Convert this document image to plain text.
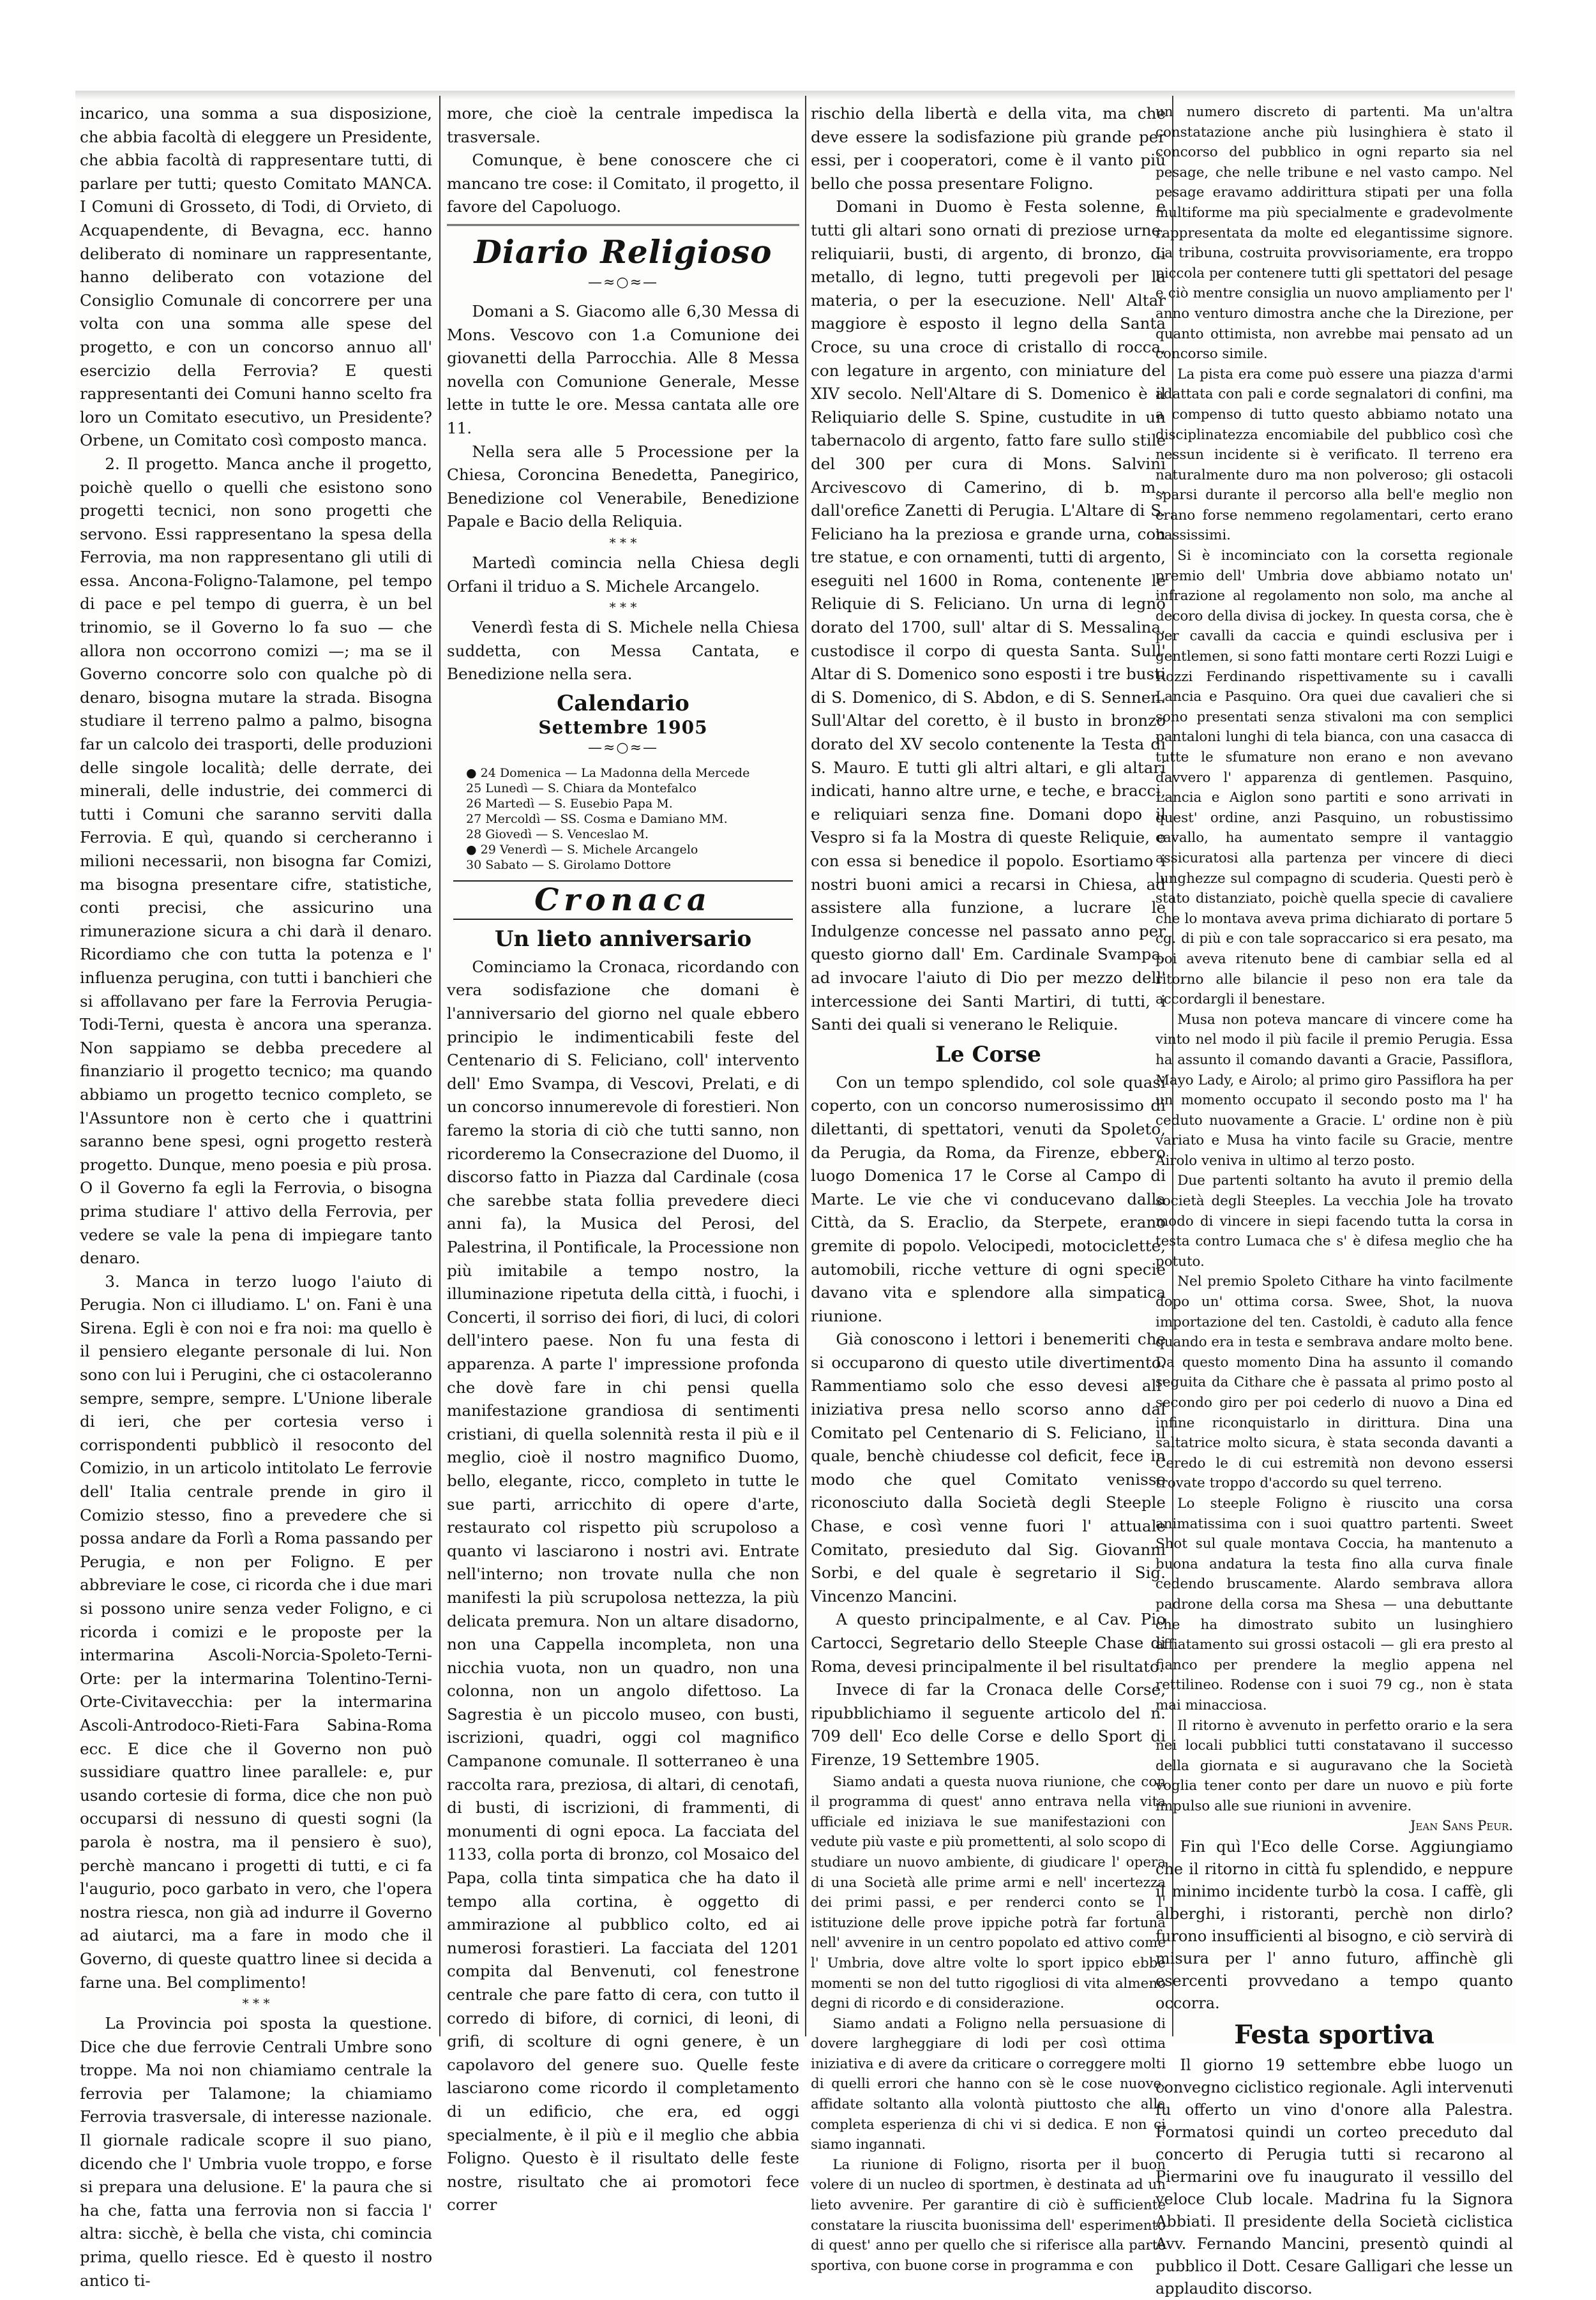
incarico, una somma a sua disposizione, che abbia facoltà di eleggere un Presidente, che abbia facoltà di rappresentare tutti, di parlare per tutti; questo Comitato MANCA. I Comuni di Grosseto, di Todi, di Orvieto, di Acquapendente, di Bevagna, ecc. hanno deliberato di nominare un rappresentante, hanno deliberato con votazione del Consiglio Comunale di concorrere per una volta con una somma alle spese del progetto, e con un concorso annuo all' esercizio della Ferrovia? E questi rappresentanti dei Comuni hanno scelto fra loro un Comitato esecutivo, un Presidente? Orbene, un Comitato così composto manca.

2. Il progetto. Manca anche il progetto, poichè quello o quelli che esistono sono progetti tecnici, non sono progetti che servono. Essi rappresentano la spesa della Ferrovia, ma non rappresentano gli utili di essa. Ancona-Foligno-Talamone, pel tempo di pace e pel tempo di guerra, è un bel trinomio, se il Governo lo fa suo — che allora non occorrono comizi —; ma se il Governo concorre solo con qualche pò di denaro, bisogna mutare la strada. Bisogna studiare il terreno palmo a palmo, bisogna far un calcolo dei trasporti, delle produzioni delle singole località; delle derrate, dei minerali, delle industrie, dei commerci di tutti i Comuni che saranno serviti dalla Ferrovia. E quì, quando si cercheranno i milioni necessarii, non bisogna far Comizi, ma bisogna presentare cifre, statistiche, conti precisi, che assicurino una rimunerazione sicura a chi darà il denaro. Ricordiamo che con tutta la potenza e l' influenza perugina, con tutti i banchieri che si affollavano per fare la Ferrovia Perugia-Todi-Terni, questa è ancora una speranza. Non sappiamo se debba precedere al finanziario il progetto tecnico; ma quando abbiamo un progetto tecnico completo, se l'Assuntore non è certo che i quattrini saranno bene spesi, ogni progetto resterà progetto. Dunque, meno poesia e più prosa. O il Governo fa egli la Ferrovia, o bisogna prima studiare l' attivo della Ferrovia, per vedere se vale la pena di impiegare tanto denaro.

3. Manca in terzo luogo l'aiuto di Perugia. Non ci illudiamo. L' on. Fani è una Sirena. Egli è con noi e fra noi: ma quello è il pensiero elegante personale di lui. Non sono con lui i Perugini, che ci ostacoleranno sempre, sempre, sempre. L'Unione liberale di ieri, che per cortesia verso i corrispondenti pubblicò il resoconto del Comizio, in un articolo intitolato Le ferrovie dell' Italia centrale prende in giro il Comizio stesso, fino a prevedere che si possa andare da Forlì a Roma passando per Perugia, e non per Foligno. E per abbreviare le cose, ci ricorda che i due mari si possono unire senza veder Foligno, e ci ricorda i comizi e le proposte per la intermarina Ascoli-Norcia-Spoleto-Terni-Orte: per la intermarina Tolentino-Terni-Orte-Civitavecchia: per la intermarina Ascoli-Antrodoco-Rieti-Fara Sabina-Roma ecc. E dice che il Governo non può sussidiare quattro linee parallele: e, pur usando cortesie di forma, dice che non può occuparsi di nessuno di questi sogni (la parola è nostra, ma il pensiero è suo), perchè mancano i progetti di tutti, e ci fa l'augurio, poco garbato in vero, che l'opera nostra riesca, non già ad indurre il Governo ad aiutarci, ma a fare in modo che il Governo, di queste quattro linee si decida a farne una. Bel complimento!

* * *

La Provincia poi sposta la questione. Dice che due ferrovie Centrali Umbre sono troppe. Ma noi non chiamiamo centrale la ferrovia per Talamone; la chiamiamo Ferrovia trasversale, di interesse nazionale. Il giornale radicale scopre il suo piano, dicendo che l' Umbria vuole troppo, e forse si prepara una delusione. E' la paura che si ha che, fatta una ferrovia non si faccia l' altra: sicchè, è bella che vista, chi comincia prima, quello riesce. Ed è questo il nostro antico ti-

more, che cioè la centrale impedisca la trasversale.

Comunque, è bene conoscere che ci mancano tre cose: il Comitato, il progetto, il favore del Capoluogo.

Diario Religioso
—≈○≈—

Domani a S. Giacomo alle 6,30 Messa di Mons. Vescovo con 1.a Comunione dei giovanetti della Parrocchia. Alle 8 Messa novella con Comunione Generale, Messe lette in tutte le ore. Messa cantata alle ore 11.

Nella sera alle 5 Processione per la Chiesa, Coroncina Benedetta, Panegirico, Benedizione col Venerabile, Benedizione Papale e Bacio della Reliquia.

* * *

Martedì comincia nella Chiesa degli Orfani il triduo a S. Michele Arcangelo.

* * *

Venerdì festa di S. Michele nella Chiesa suddetta, con Messa Cantata, e Benedizione nella sera.

Calendario
Settembre 1905
—≈○≈—
● 24 Domenica — La Madonna della Mercede
25 Lunedì — S. Chiara da Montefalco
26 Martedì — S. Eusebio Papa M.
27 Mercoldì — SS. Cosma e Damiano MM.
28 Giovedì — S. Venceslao M.
● 29 Venerdì — S. Michele Arcangelo
30 Sabato — S. Girolamo Dottore
Cronaca
Un lieto anniversario

Cominciamo la Cronaca, ricordando con vera sodisfazione che domani è l'anniversario del giorno nel quale ebbero principio le indimenticabili feste del Centenario di S. Feliciano, coll' intervento dell' Emo Svampa, di Vescovi, Prelati, e di un concorso innumerevole di forestieri. Non faremo la storia di ciò che tutti sanno, non ricorderemo la Consecrazione del Duomo, il discorso fatto in Piazza dal Cardinale (cosa che sarebbe stata follia prevedere dieci anni fa), la Musica del Perosi, del Palestrina, il Pontificale, la Processione non più imitabile a tempo nostro, la illuminazione ripetuta della città, i fuochi, i Concerti, il sorriso dei fiori, di luci, di colori dell'intero paese. Non fu una festa di apparenza. A parte l' impressione profonda che dovè fare in chi pensi quella manifestazione grandiosa di sentimenti cristiani, di quella solennità resta il più e il meglio, cioè il nostro magnifico Duomo, bello, elegante, ricco, completo in tutte le sue parti, arricchito di opere d'arte, restaurato col rispetto più scrupoloso a quanto vi lasciarono i nostri avi. Entrate nell'interno; non trovate nulla che non manifesti la più scrupolosa nettezza, la più delicata premura. Non un altare disadorno, non una Cappella incompleta, non una nicchia vuota, non un quadro, non una colonna, non un angolo difettoso. La Sagrestia è un piccolo museo, con busti, iscrizioni, quadri, oggi col magnifico Campanone comunale. Il sotterraneo è una raccolta rara, preziosa, di altari, di cenotafi, di busti, di iscrizioni, di frammenti, di monumenti di ogni epoca. La facciata del 1133, colla porta di bronzo, col Mosaico del Papa, colla tinta simpatica che ha dato il tempo alla cortina, è oggetto di ammirazione al pubblico colto, ed ai numerosi forastieri. La facciata del 1201 compita dal Benvenuti, col fenestrone centrale che pare fatto di cera, con tutto il corredo di bifore, di cornici, di leoni, di grifi, di scolture di ogni genere, è un capolavoro del genere suo. Quelle feste lasciarono come ricordo il completamento di un edificio, che era, ed oggi specialmente, è il più e il meglio che abbia Foligno. Questo è il risultato delle feste nostre, risultato che ai promotori fece correr

rischio della libertà e della vita, ma che deve essere la sodisfazione più grande per essi, per i cooperatori, come è il vanto più bello che possa presentare Foligno.

Domani in Duomo è Festa solenne, e tutti gli altari sono ornati di preziose urne, reliquiarii, busti, di argento, di bronzo, di metallo, di legno, tutti pregevoli per la materia, o per la esecuzione. Nell' Altar maggiore è esposto il legno della Santa Croce, su una croce di cristallo di rocca, con legature in argento, con miniature del XIV secolo. Nell'Altare di S. Domenico è il Reliquiario delle S. Spine, custudite in un tabernacolo di argento, fatto fare sullo stile del 300 per cura di Mons. Salvini Arcivescovo di Camerino, di b. m., dall'orefice Zanetti di Perugia. L'Altare di S. Feliciano ha la preziosa e grande urna, con tre statue, e con ornamenti, tutti di argento, eseguiti nel 1600 in Roma, contenente le Reliquie di S. Feliciano. Un urna di legno dorato del 1700, sull' altar di S. Messalina, custodisce il corpo di questa Santa. Sull' Altar di S. Domenico sono esposti i tre busti di S. Domenico, di S. Abdon, e di S. Sennen. Sull'Altar del coretto, è il busto in bronzo dorato del XV secolo contenente la Testa di S. Mauro. E tutti gli altri altari, e gli altari indicati, hanno altre urne, e teche, e bracci, e reliquiari senza fine. Domani dopo il Vespro si fa la Mostra di queste Reliquie, e con essa si benedice il popolo. Esortiamo i nostri buoni amici a recarsi in Chiesa, ad assistere alla funzione, a lucrare le Indulgenze concesse nel passato anno per questo giorno dall' Em. Cardinale Svampa, ad invocare l'aiuto di Dio per mezzo dell' intercessione dei Santi Martiri, di tutti, i Santi dei quali si venerano le Reliquie.

Le Corse

Con un tempo splendido, col sole quasi coperto, con un concorso numerosissimo di dilettanti, di spettatori, venuti da Spoleto, da Perugia, da Roma, da Firenze, ebbero luogo Domenica 17 le Corse al Campo di Marte. Le vie che vi conducevano dalla Città, da S. Eraclio, da Sterpete, erano gremite di popolo. Velocipedi, motociclette, automobili, ricche vetture di ogni specie davano vita e splendore alla simpatica riunione.

Già conoscono i lettori i benemeriti che si occuparono di questo utile divertimento. Rammentiamo solo che esso devesi all' iniziativa presa nello scorso anno dal Comitato pel Centenario di S. Feliciano, il quale, benchè chiudesse col deficit, fece in modo che quel Comitato venisse riconosciuto dalla Società degli Steeple Chase, e così venne fuori l' attuale Comitato, presieduto dal Sig. Giovanni Sorbi, e del quale è segretario il Sig. Vincenzo Mancini.

A questo principalmente, e al Cav. Pio Cartocci, Segretario dello Steeple Chase di Roma, devesi principalmente il bel risultato.

Invece di far la Cronaca delle Corse, ripubblichiamo il seguente articolo del n. 709 dell' Eco delle Corse e dello Sport di Firenze, 19 Settembre 1905.

Siamo andati a questa nuova riunione, che con il programma di quest' anno entrava nella vita ufficiale ed iniziava le sue manifestazioni con vedute più vaste e più promettenti, al solo scopo di studiare un nuovo ambiente, di giudicare l' opera di una Società alle prime armi e nell' incertezza dei primi passi, e per renderci conto se l' istituzione delle prove ippiche potrà far fortuna nell' avvenire in un centro popolato ed attivo come l' Umbria, dove altre volte lo sport ippico ebbe momenti se non del tutto rigogliosi di vita almeno degni di ricordo e di considerazione.

Siamo andati a Foligno nella persuasione di dovere largheggiare di lodi per così ottima iniziativa e di avere da criticare o correggere molti di quelli errori che hanno con sè le cose nuove, affidate soltanto alla volontà piuttosto che alla completa esperienza di chi vi si dedica. E non ci siamo ingannati.

La riunione di Foligno, risorta per il buon volere di un nucleo di sportmen, è destinata ad un lieto avvenire. Per garantire di ciò è sufficiente constatare la riuscita buonissima dell' esperimento di quest' anno per quello che si riferisce alla parte sportiva, con buone corse in programma e con

un numero discreto di partenti. Ma un'altra constatazione anche più lusinghiera è stato il concorso del pubblico in ogni reparto sia nel pesage, che nelle tribune e nel vasto campo. Nel pesage eravamo addirittura stipati per una folla multiforme ma più specialmente e gradevolmente rappresentata da molte ed elegantissime signore. La tribuna, costruita provvisoriamente, era troppo piccola per contenere tutti gli spettatori del pesage e ciò mentre consiglia un nuovo ampliamento per l' anno venturo dimostra anche che la Direzione, per quanto ottimista, non avrebbe mai pensato ad un concorso simile.

La pista era come può essere una piazza d'armi adattata con pali e corde segnalatori di confini, ma a compenso di tutto questo abbiamo notato una disciplinatezza encomiabile del pubblico così che nessun incidente si è verificato. Il terreno era naturalmente duro ma non polveroso; gli ostacoli sparsi durante il percorso alla bell'e meglio non erano forse nemmeno regolamentari, certo erano bassissimi.

Si è incominciato con la corsetta regionale premio dell' Umbria dove abbiamo notato un' infrazione al regolamento non solo, ma anche al decoro della divisa di jockey. In questa corsa, che è per cavalli da caccia e quindi esclusiva per i gentlemen, si sono fatti montare certi Rozzi Luigi e Rozzi Ferdinando rispettivamente su i cavalli Lancia e Pasquino. Ora quei due cavalieri che si sono presentati senza stivaloni ma con semplici pantaloni lunghi di tela bianca, con una casacca di tutte le sfumature non erano e non avevano davvero l' apparenza di gentlemen. Pasquino, Lancia e Aiglon sono partiti e sono arrivati in quest' ordine, anzi Pasquino, un robustissimo cavallo, ha aumentato sempre il vantaggio assicuratosi alla partenza per vincere di dieci lunghezze sul compagno di scuderia. Questi però è stato distanziato, poichè quella specie di cavaliere che lo montava aveva prima dichiarato di portare 5 cg. di più e con tale sopraccarico si era pesato, ma poi aveva ritenuto bene di cambiar sella ed al ritorno alle bilancie il peso non era tale da accordargli il benestare.

Musa non poteva mancare di vincere come ha vinto nel modo il più facile il premio Perugia. Essa ha assunto il comando davanti a Gracie, Passiflora, Mayo Lady, e Airolo; al primo giro Passiflora ha per un momento occupato il secondo posto ma l' ha ceduto nuovamente a Gracie. L' ordine non è più variato e Musa ha vinto facile su Gracie, mentre Airolo veniva in ultimo al terzo posto.

Due partenti soltanto ha avuto il premio della società degli Steeples. La vecchia Jole ha trovato modo di vincere in siepi facendo tutta la corsa in testa contro Lumaca che s' è difesa meglio che ha potuto.

Nel premio Spoleto Cithare ha vinto facilmente dopo un' ottima corsa. Swee, Shot, la nuova importazione del ten. Castoldi, è caduto alla fence quando era in testa e sembrava andare molto bene. Da questo momento Dina ha assunto il comando seguita da Cithare che è passata al primo posto al secondo giro per poi cederlo di nuovo a Dina ed infine riconquistarlo in dirittura. Dina una saltatrice molto sicura, è stata seconda davanti a Ceredo le di cui estremità non devono essersi trovate troppo d'accordo su quel terreno.

Lo steeple Foligno è riuscito una corsa animatissima con i suoi quattro partenti. Sweet Shot sul quale montava Coccia, ha mantenuto a buona andatura la testa fino alla curva finale cedendo bruscamente. Alardo sembrava allora padrone della corsa ma Shesa — una debuttante che ha dimostrato subito un lusinghiero affiatamento sui grossi ostacoli — gli era presto al fianco per prendere la meglio appena nel rettilineo. Rodense con i suoi 79 cg., non è stata mai minacciosa.

Il ritorno è avvenuto in perfetto orario e la sera nei locali pubblici tutti constatavano il successo della giornata e si auguravano che la Società voglia tener conto per dare un nuovo e più forte impulso alle sue riunioni in avvenire.

Jean Sans Peur.

Fin quì l'Eco delle Corse. Aggiungiamo che il ritorno in città fu splendido, e neppure il minimo incidente turbò la cosa. I caffè, gli alberghi, i ristoranti, perchè non dirlo? furono insufficienti al bisogno, e ciò servirà di misura per l' anno futuro, affinchè gli esercenti provvedano a tempo quanto occorra.

Festa sportiva

Il giorno 19 settembre ebbe luogo un convegno ciclistico regionale. Agli intervenuti fu offerto un vino d'onore alla Palestra. Formatosi quindi un corteo preceduto dal concerto di Perugia tutti si recarono al Piermarini ove fu inaugurato il vessillo del veloce Club locale. Madrina fu la Signora Abbiati. Il presidente della Società ciclistica Avv. Fernando Mancini, presentò quindi al pubblico il Dott. Cesare Galligari che lesse un applaudito discorso.
